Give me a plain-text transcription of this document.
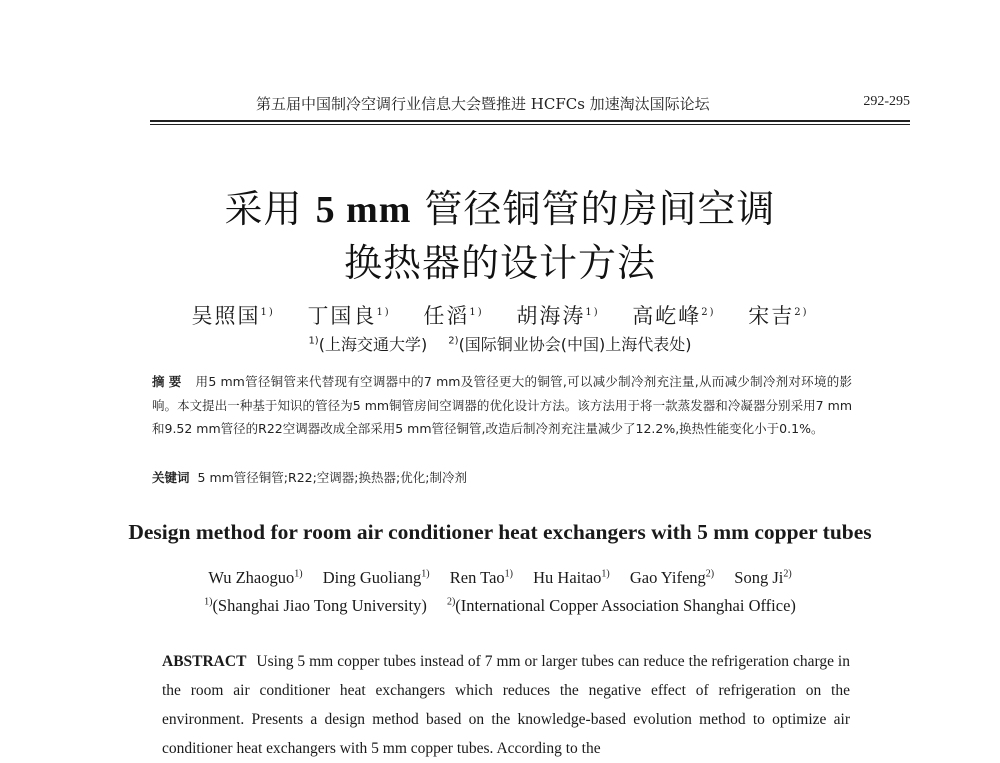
第五届中国制冷空调行业信息大会暨推进 HCFCs 加速淘汰国际论坛	292-295
采用 5 mm 管径铜管的房间空调
换热器的设计方法
吴照国$^{1)}$ 丁国良$^{1)}$ 任滔$^{1)}$ 胡海涛$^{1)}$ 高屹峰$^{2)}$ 宋吉$^{2)}$
$^{1)}$(上海交通大学) $^{2)}$(国际铜业协会(中国)上海代表处)
摘要 用5 mm管径铜管来代替现有空调器中的7 mm及管径更大的铜管,可以减少制冷剂充注量,从而减少制冷剂对环境的影响。本文提出一种基于知识的管径为5 mm铜管房间空调器的优化设计方法。该方法用于将一款蒸发器和冷凝器分别采用7 mm和9.52 mm管径的R22空调器改成全部采用5 mm管径铜管,改造后制冷剂充注量减少了12.2%,换热性能变化小于0.1%。
关键词 5 mm管径铜管;R22;空调器;换热器;优化;制冷剂
Design method for room air conditioner heat exchangers with 5 mm copper tubes
Wu Zhaoguo$^{1)}$ Ding Guoliang$^{1)}$ Ren Tao$^{1)}$ Hu Haitao$^{1)}$ Gao Yifeng$^{2)}$ Song Ji$^{2)}$
$^{1)}$(Shanghai Jiao Tong University) $^{2)}$(International Copper Association Shanghai Office)
ABSTRACT Using 5 mm copper tubes instead of 7 mm or larger tubes can reduce the refrigeration charge in the room air conditioner heat exchangers which reduces the negative effect of refrigeration on the environment. Presents a design method based on the knowledge-based evolution method to optimize air conditioner heat exchangers with 5 mm copper tubes. According to the
